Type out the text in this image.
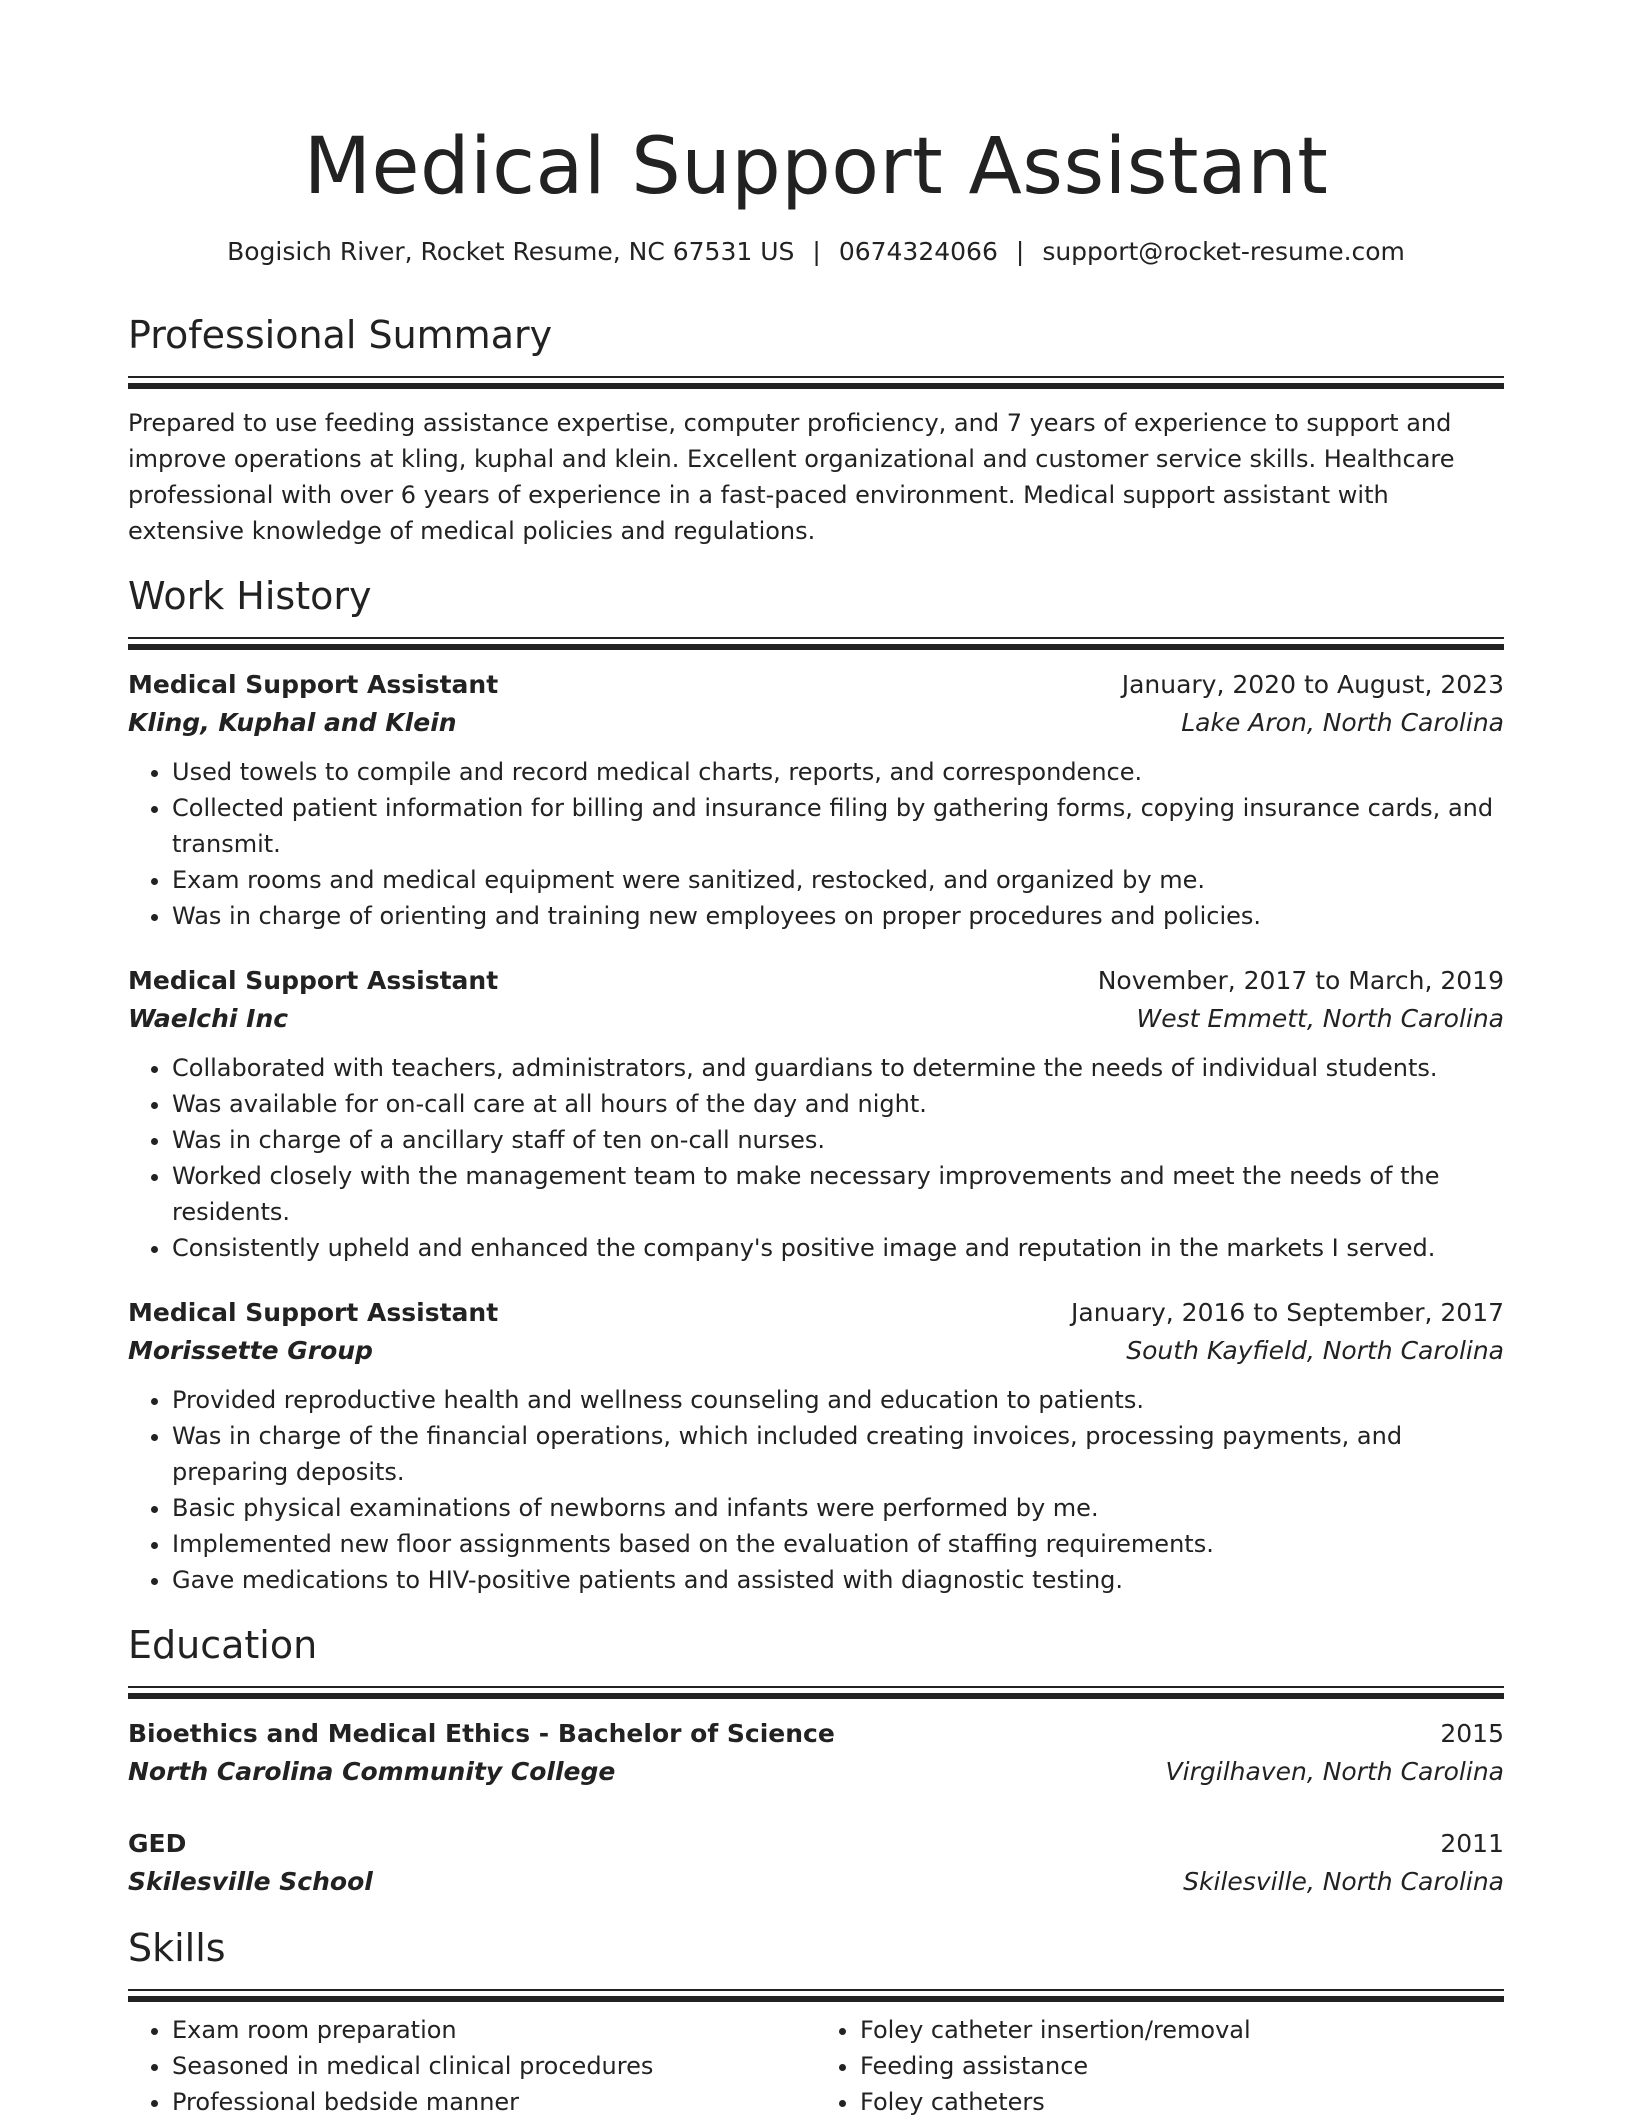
Medical Support Assistant
Bogisich River, Rocket Resume, NC 67531 US | 0674324066 | support@rocket-resume.com
Professional Summary

Prepared to use feeding assistance expertise, computer proficiency, and 7 years of experience to support and improve operations at kling, kuphal and klein. Excellent organizational and customer service skills. Healthcare professional with over 6 years of experience in a fast-paced environment. Medical support assistant with extensive knowledge of medical policies and regulations.

Work History
Medical Support Assistant	January, 2020 to August, 2023
Kling, Kuphal and Klein	Lake Aron, North Carolina
• Used towels to compile and record medical charts, reports, and correspondence.
• Collected patient information for billing and insurance filing by gathering forms, copying insurance cards, and transmit.
• Exam rooms and medical equipment were sanitized, restocked, and organized by me.
• Was in charge of orienting and training new employees on proper procedures and policies.
Medical Support Assistant	November, 2017 to March, 2019
Waelchi Inc	West Emmett, North Carolina
• Collaborated with teachers, administrators, and guardians to determine the needs of individual students.
• Was available for on-call care at all hours of the day and night.
• Was in charge of a ancillary staff of ten on-call nurses.
• Worked closely with the management team to make necessary improvements and meet the needs of the residents.
• Consistently upheld and enhanced the company's positive image and reputation in the markets I served.
Medical Support Assistant	January, 2016 to September, 2017
Morissette Group	South Kayfield, North Carolina
• Provided reproductive health and wellness counseling and education to patients.
• Was in charge of the financial operations, which included creating invoices, processing payments, and preparing deposits.
• Basic physical examinations of newborns and infants were performed by me.
• Implemented new floor assignments based on the evaluation of staffing requirements.
• Gave medications to HIV-positive patients and assisted with diagnostic testing.
Education
Bioethics and Medical Ethics - Bachelor of Science	2015
North Carolina Community College	Virgilhaven, North Carolina
GED	2011
Skilesville School	Skilesville, North Carolina
Skills
• Exam room preparation
• Seasoned in medical clinical procedures
• Professional bedside manner
• Foley catheter insertion/removal
• Feeding assistance
• Foley catheters
